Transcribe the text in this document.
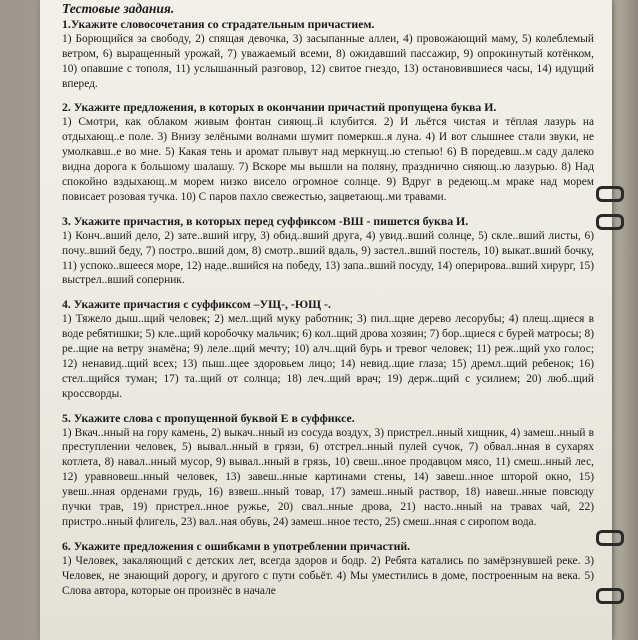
Тестовые задания.

1.Укажите словосочетания со страдательным причастием.

1) Борющийся за свободу, 2) спящая девочка, 3) засыпанные аллеи, 4) провожающий маму, 5) колеблемый ветром, 6) выращенный урожай, 7) уважаемый всеми, 8) ожидавший пассажир, 9) опрокинутый котёнком, 10) опавшие с тополя, 11) услышанный разговор, 12) свитое гнездо, 13) остановившиеся часы, 14) идущий вперед.

2. Укажите предложения, в которых в окончании причастий пропущена буква И.

1) Смотри, как облаком живым фонтан сияющ..й клубится. 2) И льётся чистая и тёплая лазурь на отдыхающ..е поле. 3) Внизу зелёными волнами шумит померкш..я луна. 4) И вот слышнее стали звуки, не умолкавш..е во мне. 5) Какая тень и аромат плывут над меркнущ..ю степью! 6) В поредевш..м саду далеко видна дорога к большому шалашу. 7) Вскоре мы вышли на поляну, празднично сияющ..ю лазурью. 8) Над спокойно вздыхающ..м морем низко висело огромное солнце. 9) Вдруг в редеющ..м мраке над морем повисает розовая тучка. 10) С паров пахло свежестью, зацветающ..ми травами.

3. Укажите причастия, в которых перед суффиксом -ВШ - пишется буква И.

1) Конч..вший дело, 2) зате..вший игру, 3) обид..вший друга, 4) увид..вший солнце, 5) скле..вший листы, 6) почу..вший беду, 7) постро..вший дом, 8) смотр..вший вдаль, 9) застел..вший постель, 10) выкат..вший бочку, 11) успоко..вшееся море, 12) наде..вшийся на победу, 13) запа..вший посуду, 14) оперирова..вший хирург, 15) выстрел..вший соперник.

4. Укажите причастия с суффиксом –УЩ-, -ЮЩ -.

1) Тяжело дыш..щий человек; 2) мел..щий муку работник; 3) пил..щие дерево лесорубы; 4) плещ..щиеся в воде ребятишки; 5) кле..щий коробочку мальчик; 6) кол..щий дрова хозяин; 7) бор..щиеся с бурей матросы; 8) ре..щие на ветру знамёна; 9) леле..щий мечту; 10) алч..щий бурь и тревог человек; 11) реж..щий ухо голос; 12) ненавид..щий всех; 13) пыш..щее здоровьем лицо; 14) невид..щие глаза; 15) дремл..щий ребенок; 16) стел..щийся туман; 17) та..щий от солнца; 18) леч..щий врач; 19) держ..щий с усилием; 20) люб..щий кроссворды.

5. Укажите слова с пропущенной буквой Е в суффиксе.

1) Вкач..нный на гору камень, 2) выкач..нный из сосуда воздух, 3) пристрел..нный хищник, 4) замеш..нный в преступлении человек, 5) вывал..нный в грязи, 6) отстрел..нный пулей сучок, 7) обвал..нная в сухарях котлета, 8) навал..нный мусор, 9) вывал..нный в грязь, 10) свеш..нное продавцом мясо, 11) смеш..нный лес, 12) уравновеш..нный человек, 13) завеш..нные картинами стены, 14) завеш..нное шторой окно, 15) увеш..нная орденами грудь, 16) взвеш..нный товар, 17) замеш..нный раствор, 18) навеш..нные повсюду пучки трав, 19) пристрел..нное ружье, 20) свал..нные дрова, 21) насто..нный на травах чай, 22) пристро..нный флигель, 23) вал..ная обувь, 24) замеш..нное тесто, 25) смеш..нная с сиропом вода.

6. Укажите предложения с ошибками в употреблении причастий.

1) Человек, закаляющий с детских лет, всегда здоров и бодр. 2) Ребята катались по замёрзнувшей реке. 3) Человек, не знающий дорогу, и другого с пути собьёт. 4) Мы уместились в доме, построенным на века. 5) Слова автора, которые он произнёс в начале
